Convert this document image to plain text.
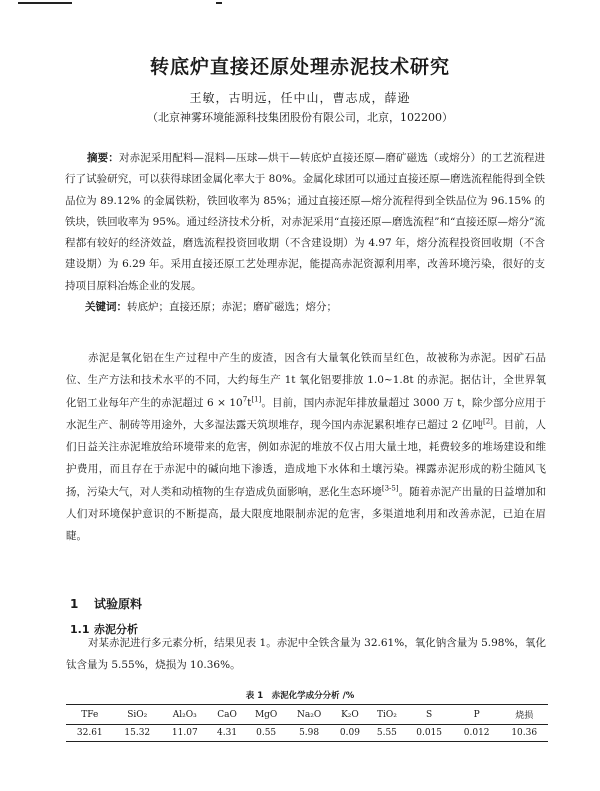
转底炉直接还原处理赤泥技术研究
王敏，古明远，任中山，曹志成，薛逊
（北京神雾环境能源科技集团股份有限公司，北京，102200）
摘要：对赤泥采用配料—混料—压球—烘干—转底炉直接还原—磨矿磁选（或熔分）的工艺流程进行了试验研究，可以获得球团金属化率大于 80%。金属化球团可以通过直接还原—磨选流程能得到全铁品位为 89.12% 的金属铁粉，铁回收率为 85%；通过直接还原—熔分流程得到全铁品位为 96.15% 的铁块，铁回收率为 95%。通过经济技术分析，对赤泥采用“直接还原—磨选流程”和“直接还原—熔分”流程都有较好的经济效益，磨选流程投资回收期（不含建设期）为 4.97 年，熔分流程投资回收期（不含建设期）为 6.29 年。采用直接还原工艺处理赤泥，能提高赤泥资源利用率，改善环境污染，很好的支持项目原料冶炼企业的发展。
关键词：转底炉；直接还原；赤泥；磨矿磁选；熔分；
赤泥是氧化铝在生产过程中产生的废渣，因含有大量氧化铁而呈红色，故被称为赤泥。因矿石品位、生产方法和技术水平的不同，大约每生产 1t 氧化铝要排放 1.0~1.8t 的赤泥。据估计，全世界氧化铝工业每年产生的赤泥超过 $6 \times 10^7t[1]$。目前，国内赤泥年排放量超过 3000 万 t，除少部分应用于水泥生产、制砖等用途外，大多湿法露天筑坝堆存，现今国内赤泥累积堆存已超过 2 亿吨[2]。目前，人们日益关注赤泥堆放给环境带来的危害，例如赤泥的堆放不仅占用大量土地，耗费较多的堆场建设和维护费用，而且存在于赤泥中的碱向地下渗透，造成地下水体和土壤污染。裸露赤泥形成的粉尘随风飞扬，污染大气，对人类和动植物的生存造成负面影响，恶化生态环境[3-5]。随着赤泥产出量的日益增加和人们对环境保护意识的不断提高，最大限度地限制赤泥的危害，多渠道地利用和改善赤泥，已迫在眉睫。
1 试验原料
1.1 赤泥分析
对某赤泥进行多元素分析，结果见表 1。赤泥中全铁含量为 32.61%，氧化钠含量为 5.98%，氧化钛含量为 5.55%，烧损为 10.36%。
表 1　赤泥化学成分分析 /%
TFe	SiO₂	Al₂O₃	CaO	MgO	Na₂O	K₂O	TiO₂	S	P	烧损
32.61	15.32	11.07	4.31	0.55	5.98	0.09	5.55	0.015	0.012	10.36
